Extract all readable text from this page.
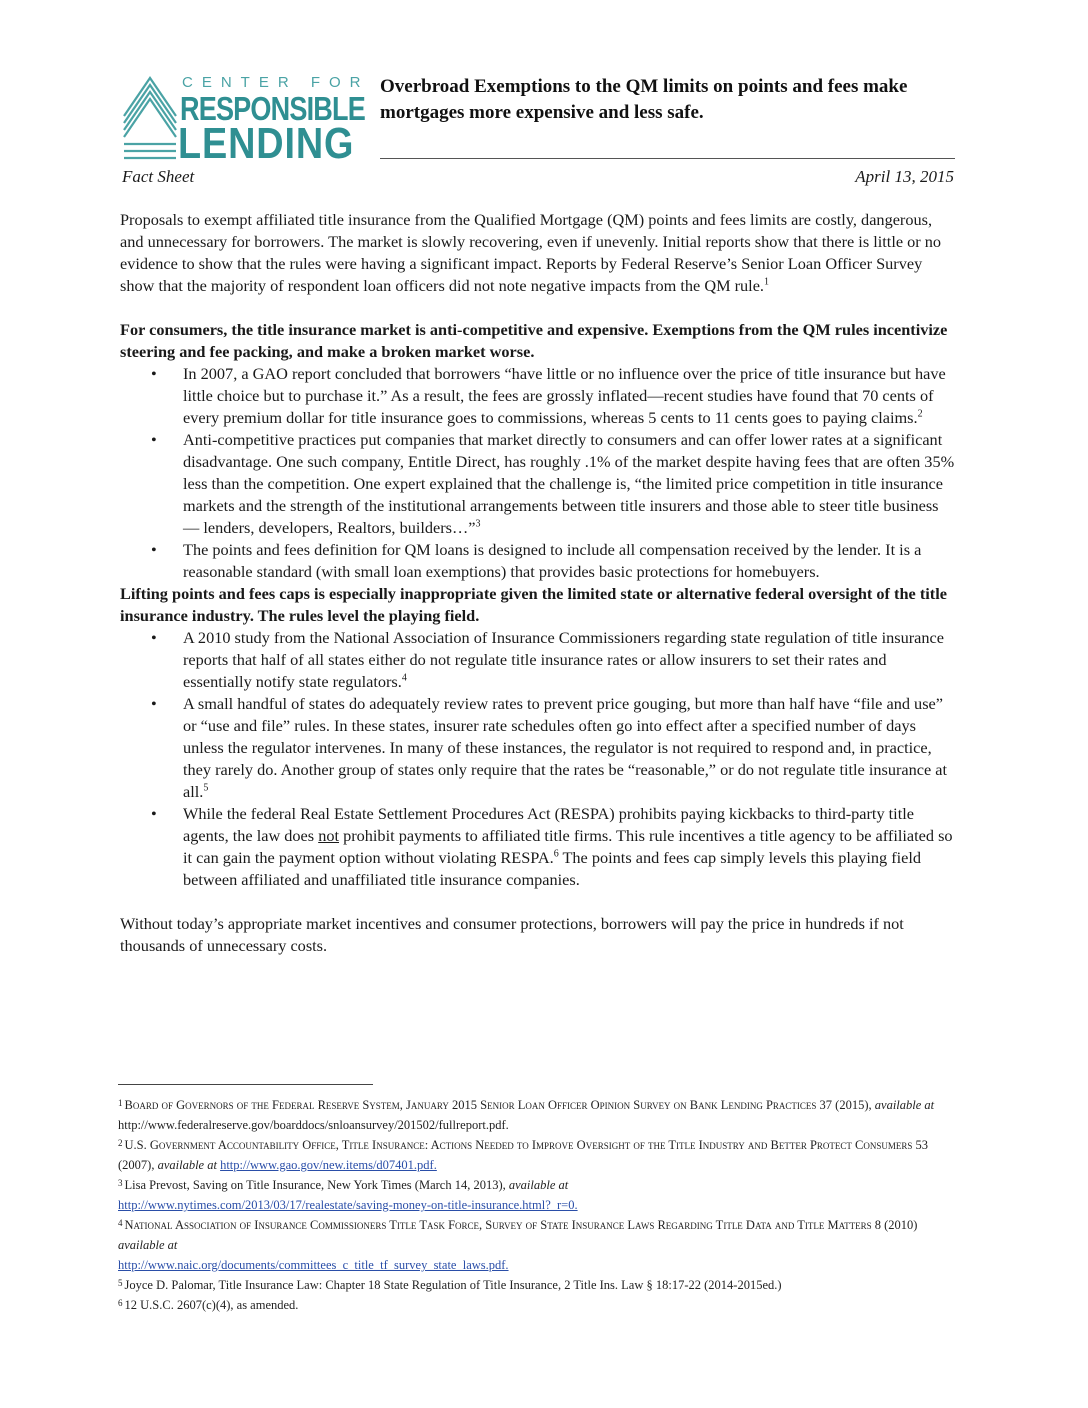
CENTER FOR
RESPONSIBLE
LENDING
Overbroad Exemptions to the QM limits on points and fees make
mortgages more expensive and less safe.
Fact Sheet	April 13, 2015

Proposals to exempt affiliated title insurance from the Qualified Mortgage (QM) points and fees limits are costly, dangerous, and unnecessary for borrowers. The market is slowly recovering, even if unevenly. Initial reports show that there is little or no evidence to show that the rules were having a significant impact. Reports by Federal Reserve’s Senior Loan Officer Survey show that the majority of respondent loan officers did not note negative impacts from the QM rule.$^1$

For consumers, the title insurance market is anti-competitive and expensive. Exemptions from the QM rules incentivize steering and fee packing, and make a broken market worse.

• In 2007, a GAO report concluded that borrowers “have little or no influence over the price of title insurance but have little choice but to purchase it.” As a result, the fees are grossly inflated—recent studies have found that 70 cents of every premium dollar for title insurance goes to commissions, whereas 5 cents to 11 cents goes to paying claims.$^2$
• Anti-competitive practices put companies that market directly to consumers and can offer lower rates at a significant disadvantage. One such company, Entitle Direct, has roughly .1% of the market despite having fees that are often 35% less than the competition. One expert explained that the challenge is, “the limited price competition in title insurance markets and the strength of the institutional arrangements between title insurers and those able to steer title business — lenders, developers, Realtors, builders…”$^3$
• The points and fees definition for QM loans is designed to include all compensation received by the lender. It is a reasonable standard (with small loan exemptions) that provides basic protections for homebuyers.

Lifting points and fees caps is especially inappropriate given the limited state or alternative federal oversight of the title insurance industry. The rules level the playing field.

• A 2010 study from the National Association of Insurance Commissioners regarding state regulation of title insurance reports that half of all states either do not regulate title insurance rates or allow insurers to set their rates and essentially notify state regulators.$^4$
• A small handful of states do adequately review rates to prevent price gouging, but more than half have “file and use” or “use and file” rules. In these states, insurer rate schedules often go into effect after a specified number of days unless the regulator intervenes. In many of these instances, the regulator is not required to respond and, in practice, they rarely do. Another group of states only require that the rates be “reasonable,” or do not regulate title insurance at all.$^5$
• While the federal Real Estate Settlement Procedures Act (RESPA) prohibits paying kickbacks to third-party title agents, the law does not prohibit payments to affiliated title firms. This rule incentives a title agency to be affiliated so it can gain the payment option without violating RESPA.$^6$ The points and fees cap simply levels this playing field between affiliated and unaffiliated title insurance companies.

Without today’s appropriate market incentives and consumer protections, borrowers will pay the price in hundreds if not thousands of unnecessary costs.

$^1$ Board of Governors of the Federal Reserve System, January 2015 Senior Loan Officer Opinion Survey on Bank Lending Practices 37 (2015), available at http://www.federalreserve.gov/boarddocs/snloansurvey/201502/fullreport.pdf.
$^2$ U.S. Government Accountability Office, Title Insurance: Actions Needed to Improve Oversight of the Title Industry and Better Protect Consumers 53 (2007), available at http://www.gao.gov/new.items/d07401.pdf.
$^3$ Lisa Prevost, Saving on Title Insurance, New York Times (March 14, 2013), available at
http://www.nytimes.com/2013/03/17/realestate/saving-money-on-title-insurance.html?_r=0.
$^4$ National Association of Insurance Commissioners Title Task Force, Survey of State Insurance Laws Regarding Title Data and Title Matters 8 (2010) available at
http://www.naic.org/documents/committees_c_title_tf_survey_state_laws.pdf.
$^5$ Joyce D. Palomar, Title Insurance Law: Chapter 18 State Regulation of Title Insurance, 2 Title Ins. Law § 18:17-22 (2014-2015ed.)
$^6$ 12 U.S.C. 2607(c)(4), as amended.
